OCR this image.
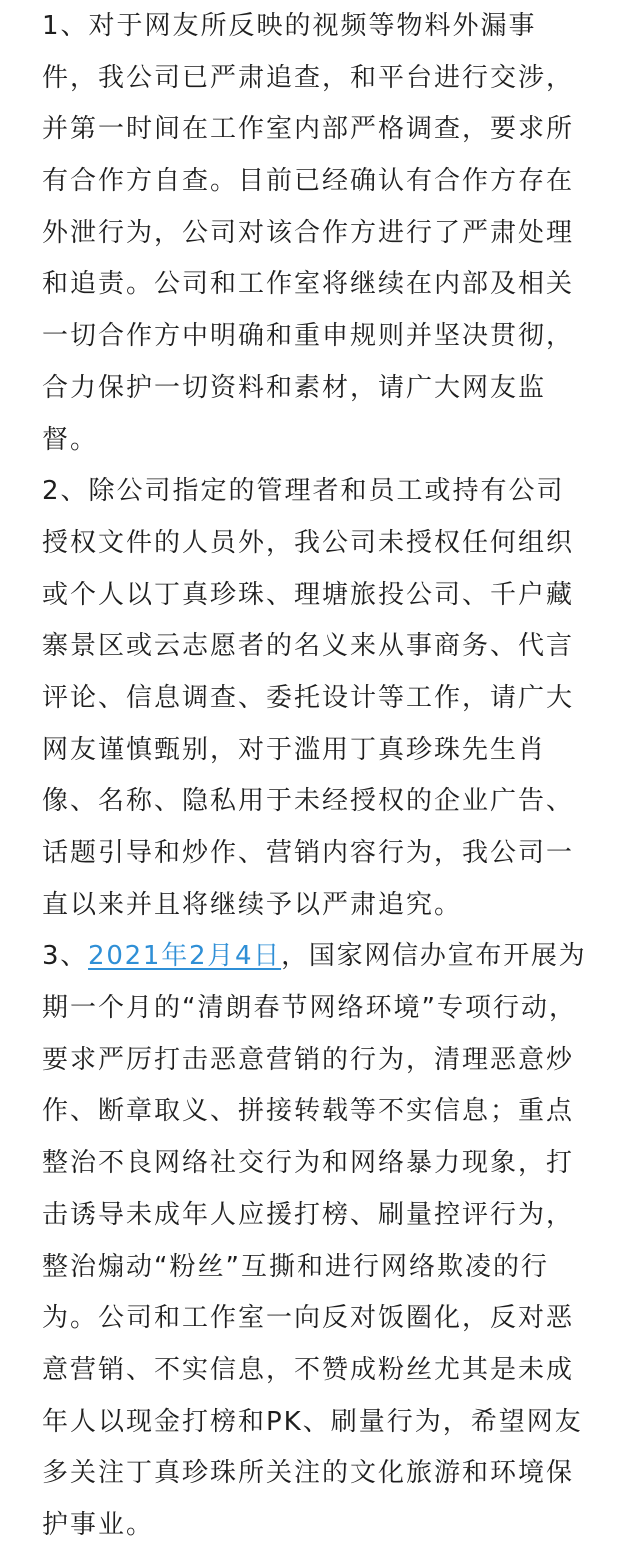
1、对于网友所反映的视频等物料外漏事
件，我公司已严肃追查，和平台进行交涉，
并第一时间在工作室内部严格调查，要求所
有合作方自查。目前已经确认有合作方存在
外泄行为，公司对该合作方进行了严肃处理
和追责。公司和工作室将继续在内部及相关
一切合作方中明确和重申规则并坚决贯彻，
合力保护一切资料和素材，请广大网友监
督。
2、除公司指定的管理者和员工或持有公司
授权文件的人员外，我公司未授权任何组织
或个人以丁真珍珠、理塘旅投公司、千户藏
寨景区或云志愿者的名义来从事商务、代言
评论、信息调查、委托设计等工作，请广大
网友谨慎甄别，对于滥用丁真珍珠先生肖
像、名称、隐私用于未经授权的企业广告、
话题引导和炒作、营销内容行为，我公司一
直以来并且将继续予以严肃追究。
3、2021年2月4日，国家网信办宣布开展为
期一个月的“清朗春节网络环境”专项行动，
要求严厉打击恶意营销的行为，清理恶意炒
作、断章取义、拼接转载等不实信息；重点
整治不良网络社交行为和网络暴力现象，打
击诱导未成年人应援打榜、刷量控评行为，
整治煽动“粉丝”互撕和进行网络欺凌的行
为。公司和工作室一向反对饭圈化，反对恶
意营销、不实信息，不赞成粉丝尤其是未成
年人以现金打榜和PK、刷量行为，希望网友
多关注丁真珍珠所关注的文化旅游和环境保
护事业。
